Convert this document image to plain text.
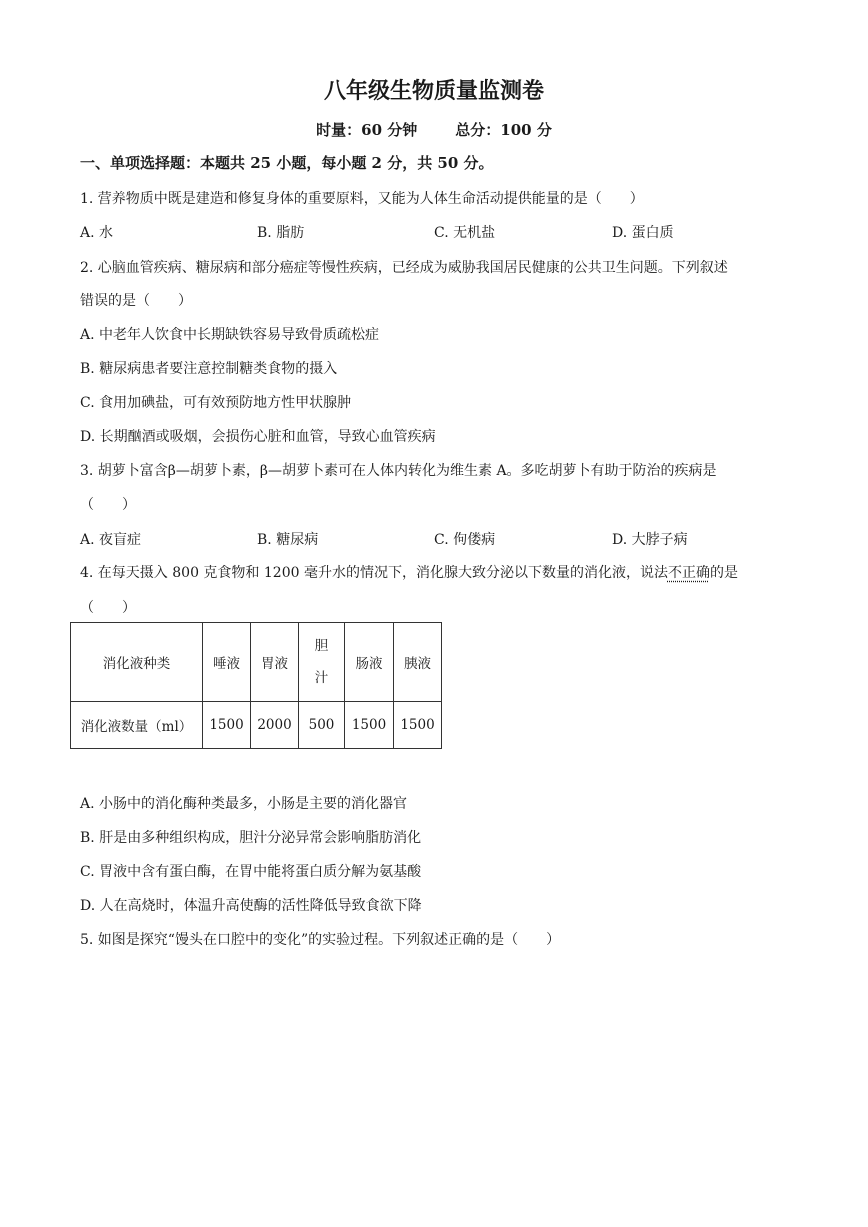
八年级生物质量监测卷
时量：60 分钟	总分：100 分
一、单项选择题：本题共 25 小题，每小题 2 分，共 50 分。
1. 营养物质中既是建造和修复身体的重要原料，又能为人体生命活动提供能量的是（　　）
A. 水	B. 脂肪	C. 无机盐	D. 蛋白质
2. 心脑血管疾病、糖尿病和部分癌症等慢性疾病，已经成为威胁我国居民健康的公共卫生问题。下列叙述
错误的是（　　）
A. 中老年人饮食中长期缺铁容易导致骨质疏松症
B. 糖尿病患者要注意控制糖类食物的摄入
C. 食用加碘盐，可有效预防地方性甲状腺肿
D. 长期酗酒或吸烟，会损伤心脏和血管，导致心血管疾病
3. 胡萝卜富含β—胡萝卜素，β—胡萝卜素可在人体内转化为维生素 A。多吃胡萝卜有助于防治的疾病是
（　　）
A. 夜盲症	B. 糖尿病	C. 佝偻病	D. 大脖子病
4. 在每天摄入 800 克食物和 1200 毫升水的情况下，消化腺大致分泌以下数量的消化液，说法不正确的是
（　　）
消化液种类	唾液	胃液	胆
汁	肠液	胰液
消化液数量（ml）	1500	2000	500	1500	1500
A. 小肠中的消化酶种类最多，小肠是主要的消化器官
B. 肝是由多种组织构成，胆汁分泌异常会影响脂肪消化
C. 胃液中含有蛋白酶，在胃中能将蛋白质分解为氨基酸
D. 人在高烧时，体温升高使酶的活性降低导致食欲下降
5. 如图是探究“馒头在口腔中的变化”的实验过程。下列叙述正确的是（　　）
